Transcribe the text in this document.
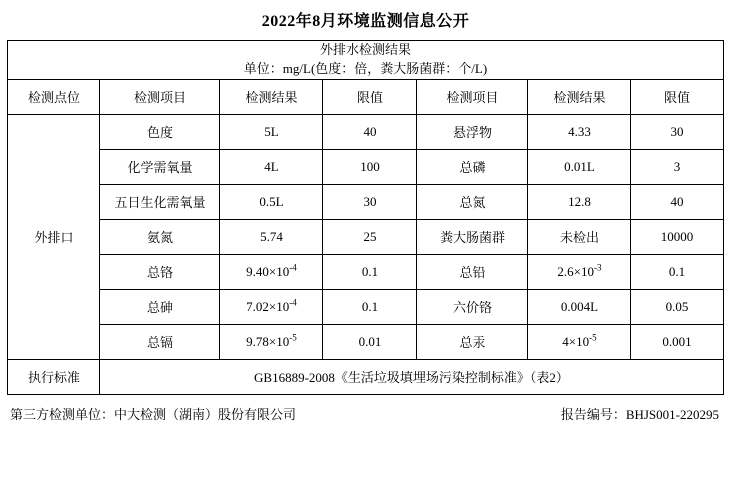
2022年8月环境监测信息公开
外排水检测结果
单位：mg/L(色度：倍，粪大肠菌群：个/L)						

检测点位	检测项目	检测结果	限值	检测项目	检测结果	限值
外排口	色度	5L	40	悬浮物	4.33	30
	化学需氧量	4L	100	总磷	0.01L	3
	五日生化需氧量	0.5L	30	总氮	12.8	40
	氨氮	5.74	25	粪大肠菌群	未检出	10000
	总铬	$9.40\times 10^{-4}$	0.1	总铅	$2.6\times 10^{-3}$	0.1
	总砷	$7.02\times 10^{-4}$	0.1	六价铬	0.004L	0.05
	总镉	$9.78\times 10^{-5}$	0.01	总汞	$4\times 10^{-5}$	0.001
执行标准	GB16889-2008《生活垃圾填埋场污染控制标准》（表2）					
第三方检测单位：中大检测（湖南）股份有限公司	报告编号：BHJS001-220295
